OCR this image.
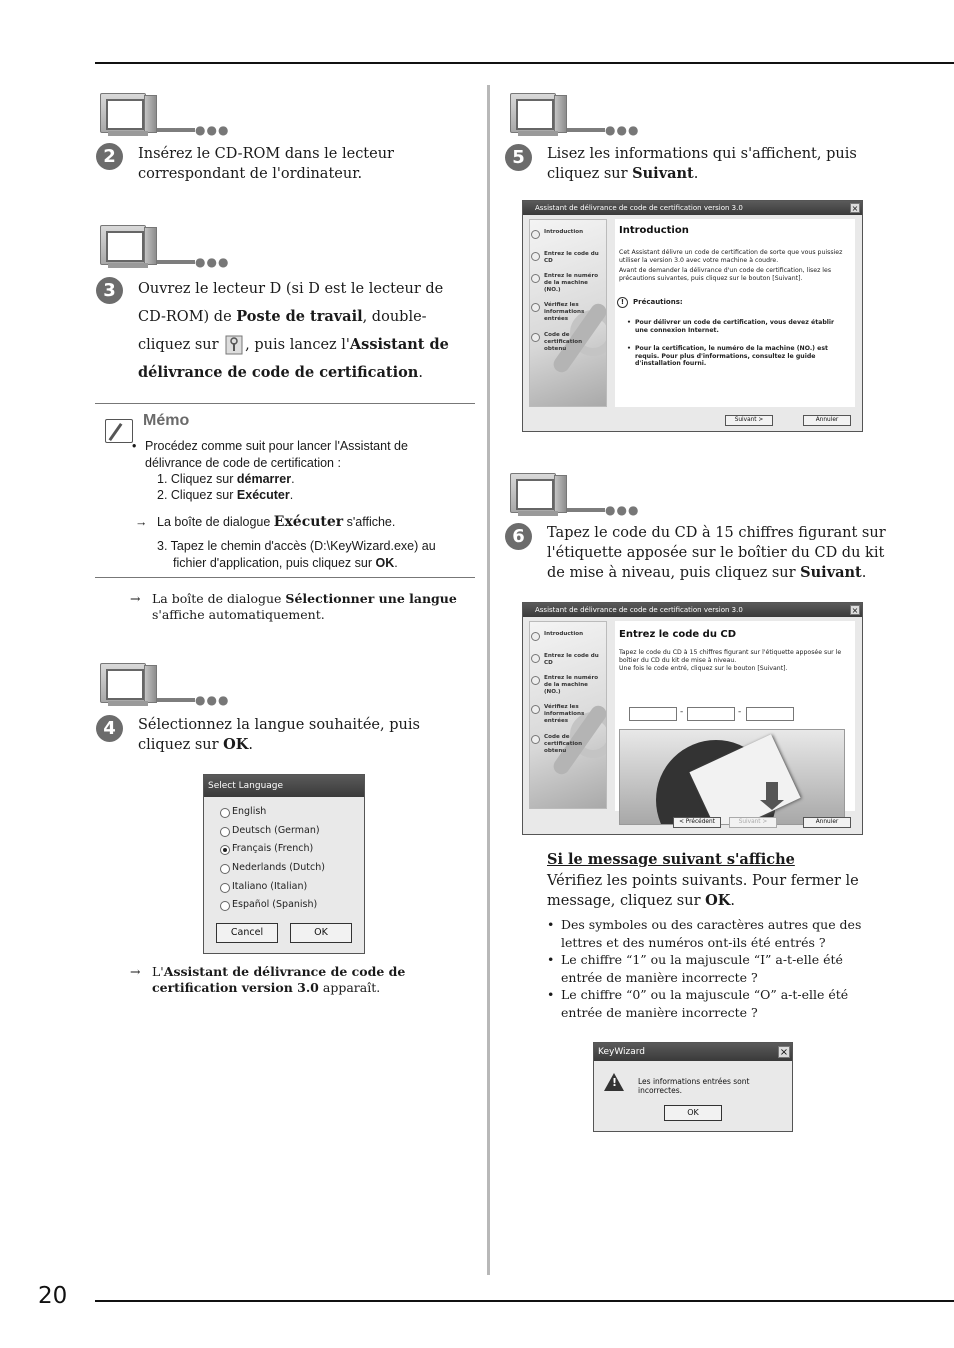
●●●
2	Insérez le CD-ROM dans le lecteur correspondant de l'ordinateur.
●●●
3	Ouvrez le lecteur D (si D est le lecteur de CD-ROM) de Poste de travail, double-cliquez sur , puis lancez l'Assistant de délivrance de code de certification.
Mémo
• Procédez comme suit pour lancer l'Assistant de délivrance de code de certification :
1. Cliquez sur démarrer.
2. Cliquez sur Exécuter.
→ La boîte de dialogue Exécuter s'affiche.
3. Tapez le chemin d'accès (D:\KeyWizard.exe) au fichier d'application, puis cliquez sur OK.
→ La boîte de dialogue Sélectionner une langue s'affiche automatiquement.
●●●
4	Sélectionnez la langue souhaitée, puis cliquez sur OK.
Select Language
English
Deutsch (German)
Français (French)
Nederlands (Dutch)
Italiano (Italian)
Español (Spanish)
Cancel	OK
→ L'Assistant de délivrance de code de certification version 3.0 apparaît.
●●●
5	Lisez les informations qui s'affichent, puis cliquez sur Suivant.
Assistant de délivrance de code de certification version 3.0	×
Introduction
Entrez le code du CD
Entrez le numéro de la machine (NO.)
Vérifiez les informations entrées
Code de certification obtenu
Introduction
Cet Assistant délivre un code de certification de sorte que vous puissiez utiliser la version 3.0 avec votre machine à coudre.
Avant de demander la délivrance d'un code de certification, lisez les précautions suivantes, puis cliquez sur le bouton [Suivant].
!	Précautions:
• Pour délivrer un code de certification, vous devez établir une connexion Internet.
• Pour la certification, le numéro de la machine (NO.) est requis. Pour plus d'informations, consultez le guide d'installation fourni.
Suivant >	Annuler
●●●
6	Tapez le code du CD à 15 chiffres figurant sur l'étiquette apposée sur le boîtier du CD du kit de mise à niveau, puis cliquez sur Suivant.
Assistant de délivrance de code de certification version 3.0	×
Introduction
Entrez le code du CD
Entrez le numéro de la machine (NO.)
Vérifiez les informations entrées
Code de certification obtenu
Entrez le code du CD
Tapez le code du CD à 15 chiffres figurant sur l'étiquette apposée sur le boîtier du CD du kit de mise à niveau.
Une fois le code entré, cliquez sur le bouton [Suivant].
-	-
< Précédent	Suivant >	Annuler
Si le message suivant s'affiche
Vérifiez les points suivants. Pour fermer le message, cliquez sur OK.
• Des symboles ou des caractères autres que des lettres et des numéros ont-ils été entrés ?
• Le chiffre “1” ou la majuscule “I” a-t-elle été entrée de manière incorrecte ?
• Le chiffre “0” ou la majuscule “O” a-t-elle été entrée de manière incorrecte ?
KeyWizard	×
!	Les informations entrées sont incorrectes.
OK
20
